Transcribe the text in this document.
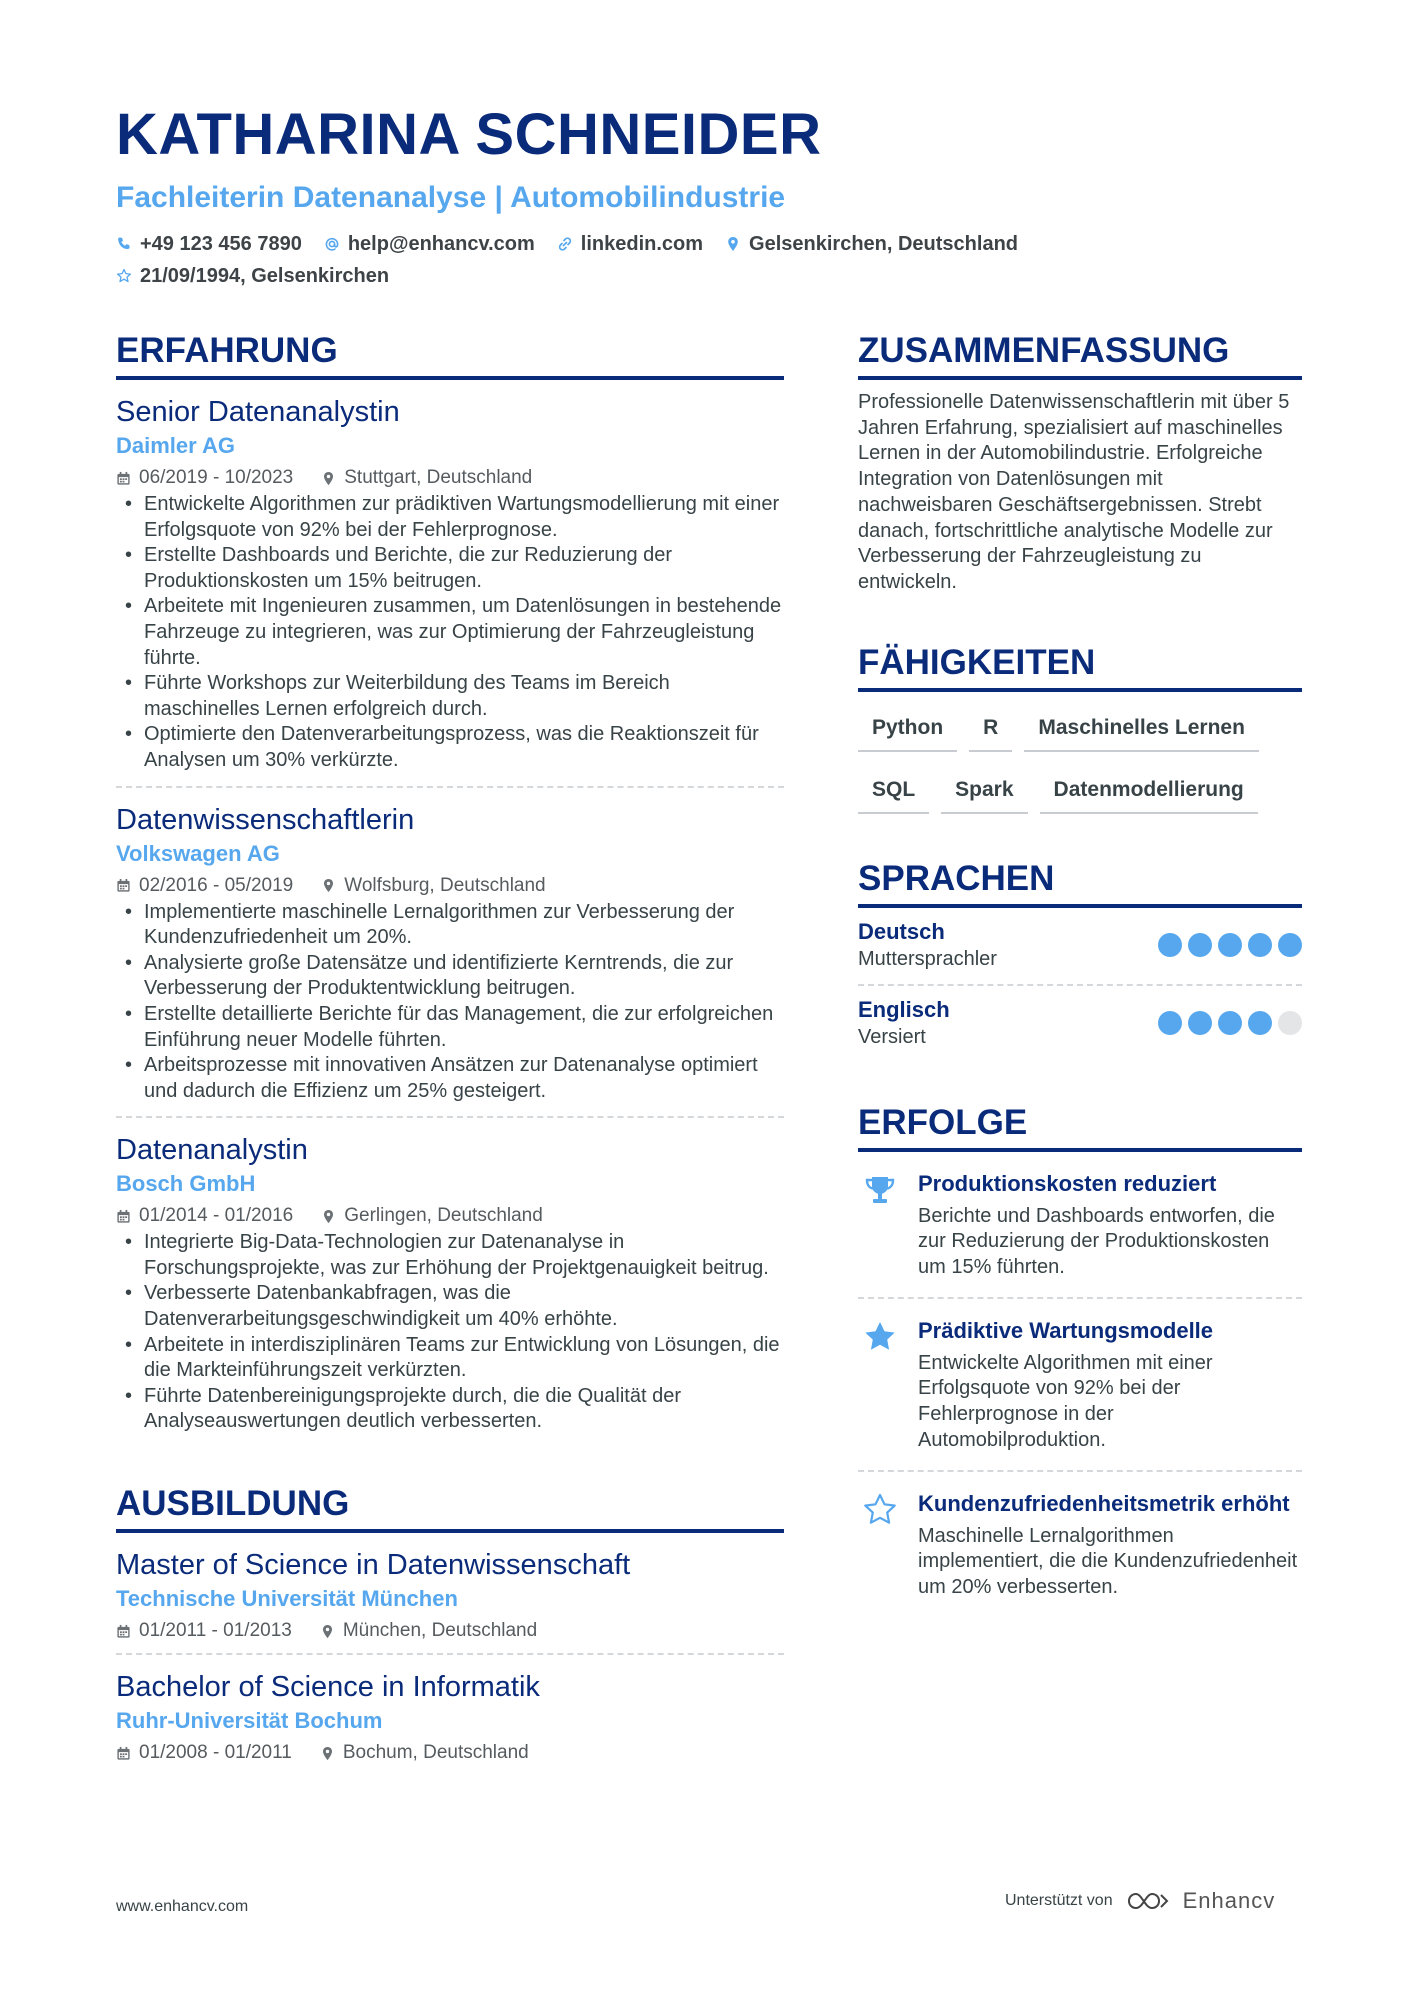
KATHARINA SCHNEIDER
Fachleiterin Datenanalyse | Automobilindustrie
+49 123 456 7890 help@enhancv.com linkedin.com Gelsenkirchen, Deutschland
21/09/1994, Gelsenkirchen
ERFAHRUNG
Senior Datenanalystin
Daimler AG
06/2019 - 10/2023	Stuttgart, Deutschland
• Entwickelte Algorithmen zur prädiktiven Wartungsmodellierung mit einer Erfolgsquote von 92% bei der Fehlerprognose.
• Erstellte Dashboards und Berichte, die zur Reduzierung der Produktionskosten um 15% beitrugen.
• Arbeitete mit Ingenieuren zusammen, um Datenlösungen in bestehende Fahrzeuge zu integrieren, was zur Optimierung der Fahrzeugleistung führte.
• Führte Workshops zur Weiterbildung des Teams im Bereich maschinelles Lernen erfolgreich durch.
• Optimierte den Datenverarbeitungsprozess, was die Reaktionszeit für Analysen um 30% verkürzte.
Datenwissenschaftlerin
Volkswagen AG
02/2016 - 05/2019	Wolfsburg, Deutschland
• Implementierte maschinelle Lernalgorithmen zur Verbesserung der Kundenzufriedenheit um 20%.
• Analysierte große Datensätze und identifizierte Kerntrends, die zur Verbesserung der Produktentwicklung beitrugen.
• Erstellte detaillierte Berichte für das Management, die zur erfolgreichen Einführung neuer Modelle führten.
• Arbeitsprozesse mit innovativen Ansätzen zur Datenanalyse optimiert und dadurch die Effizienz um 25% gesteigert.
Datenanalystin
Bosch GmbH
01/2014 - 01/2016	Gerlingen, Deutschland
• Integrierte Big-Data-Technologien zur Datenanalyse in Forschungsprojekte, was zur Erhöhung der Projektgenauigkeit beitrug.
• Verbesserte Datenbankabfragen, was die Datenverarbeitungsgeschwindigkeit um 40% erhöhte.
• Arbeitete in interdisziplinären Teams zur Entwicklung von Lösungen, die die Markteinführungszeit verkürzten.
• Führte Datenbereinigungsprojekte durch, die die Qualität der Analyseauswertungen deutlich verbesserten.
AUSBILDUNG
Master of Science in Datenwissenschaft
Technische Universität München
01/2011 - 01/2013	München, Deutschland
Bachelor of Science in Informatik
Ruhr-Universität Bochum
01/2008 - 01/2011	Bochum, Deutschland
ZUSAMMENFASSUNG
Professionelle Datenwissenschaftlerin mit über 5 Jahren Erfahrung, spezialisiert auf maschinelles Lernen in der Automobilindustrie. Erfolgreiche Integration von Datenlösungen mit nachweisbaren Geschäftsergebnissen. Strebt danach, fortschrittliche analytische Modelle zur Verbesserung der Fahrzeugleistung zu entwickeln.
FÄHIGKEITEN
Python	R	Maschinelles Lernen
SQL	Spark	Datenmodellierung
SPRACHEN
Deutsch
Muttersprachler
Englisch
Versiert
ERFOLGE
Produktionskosten reduziert
Berichte und Dashboards entworfen, die zur Reduzierung der Produktionskosten um 15% führten.
Prädiktive Wartungsmodelle
Entwickelte Algorithmen mit einer Erfolgsquote von 92% bei der Fehlerprognose in der Automobilproduktion.
Kundenzufriedenheitsmetrik erhöht
Maschinelle Lernalgorithmen implementiert, die die Kundenzufriedenheit um 20% verbesserten.
www.enhancv.com	Unterstützt von	Enhancv
